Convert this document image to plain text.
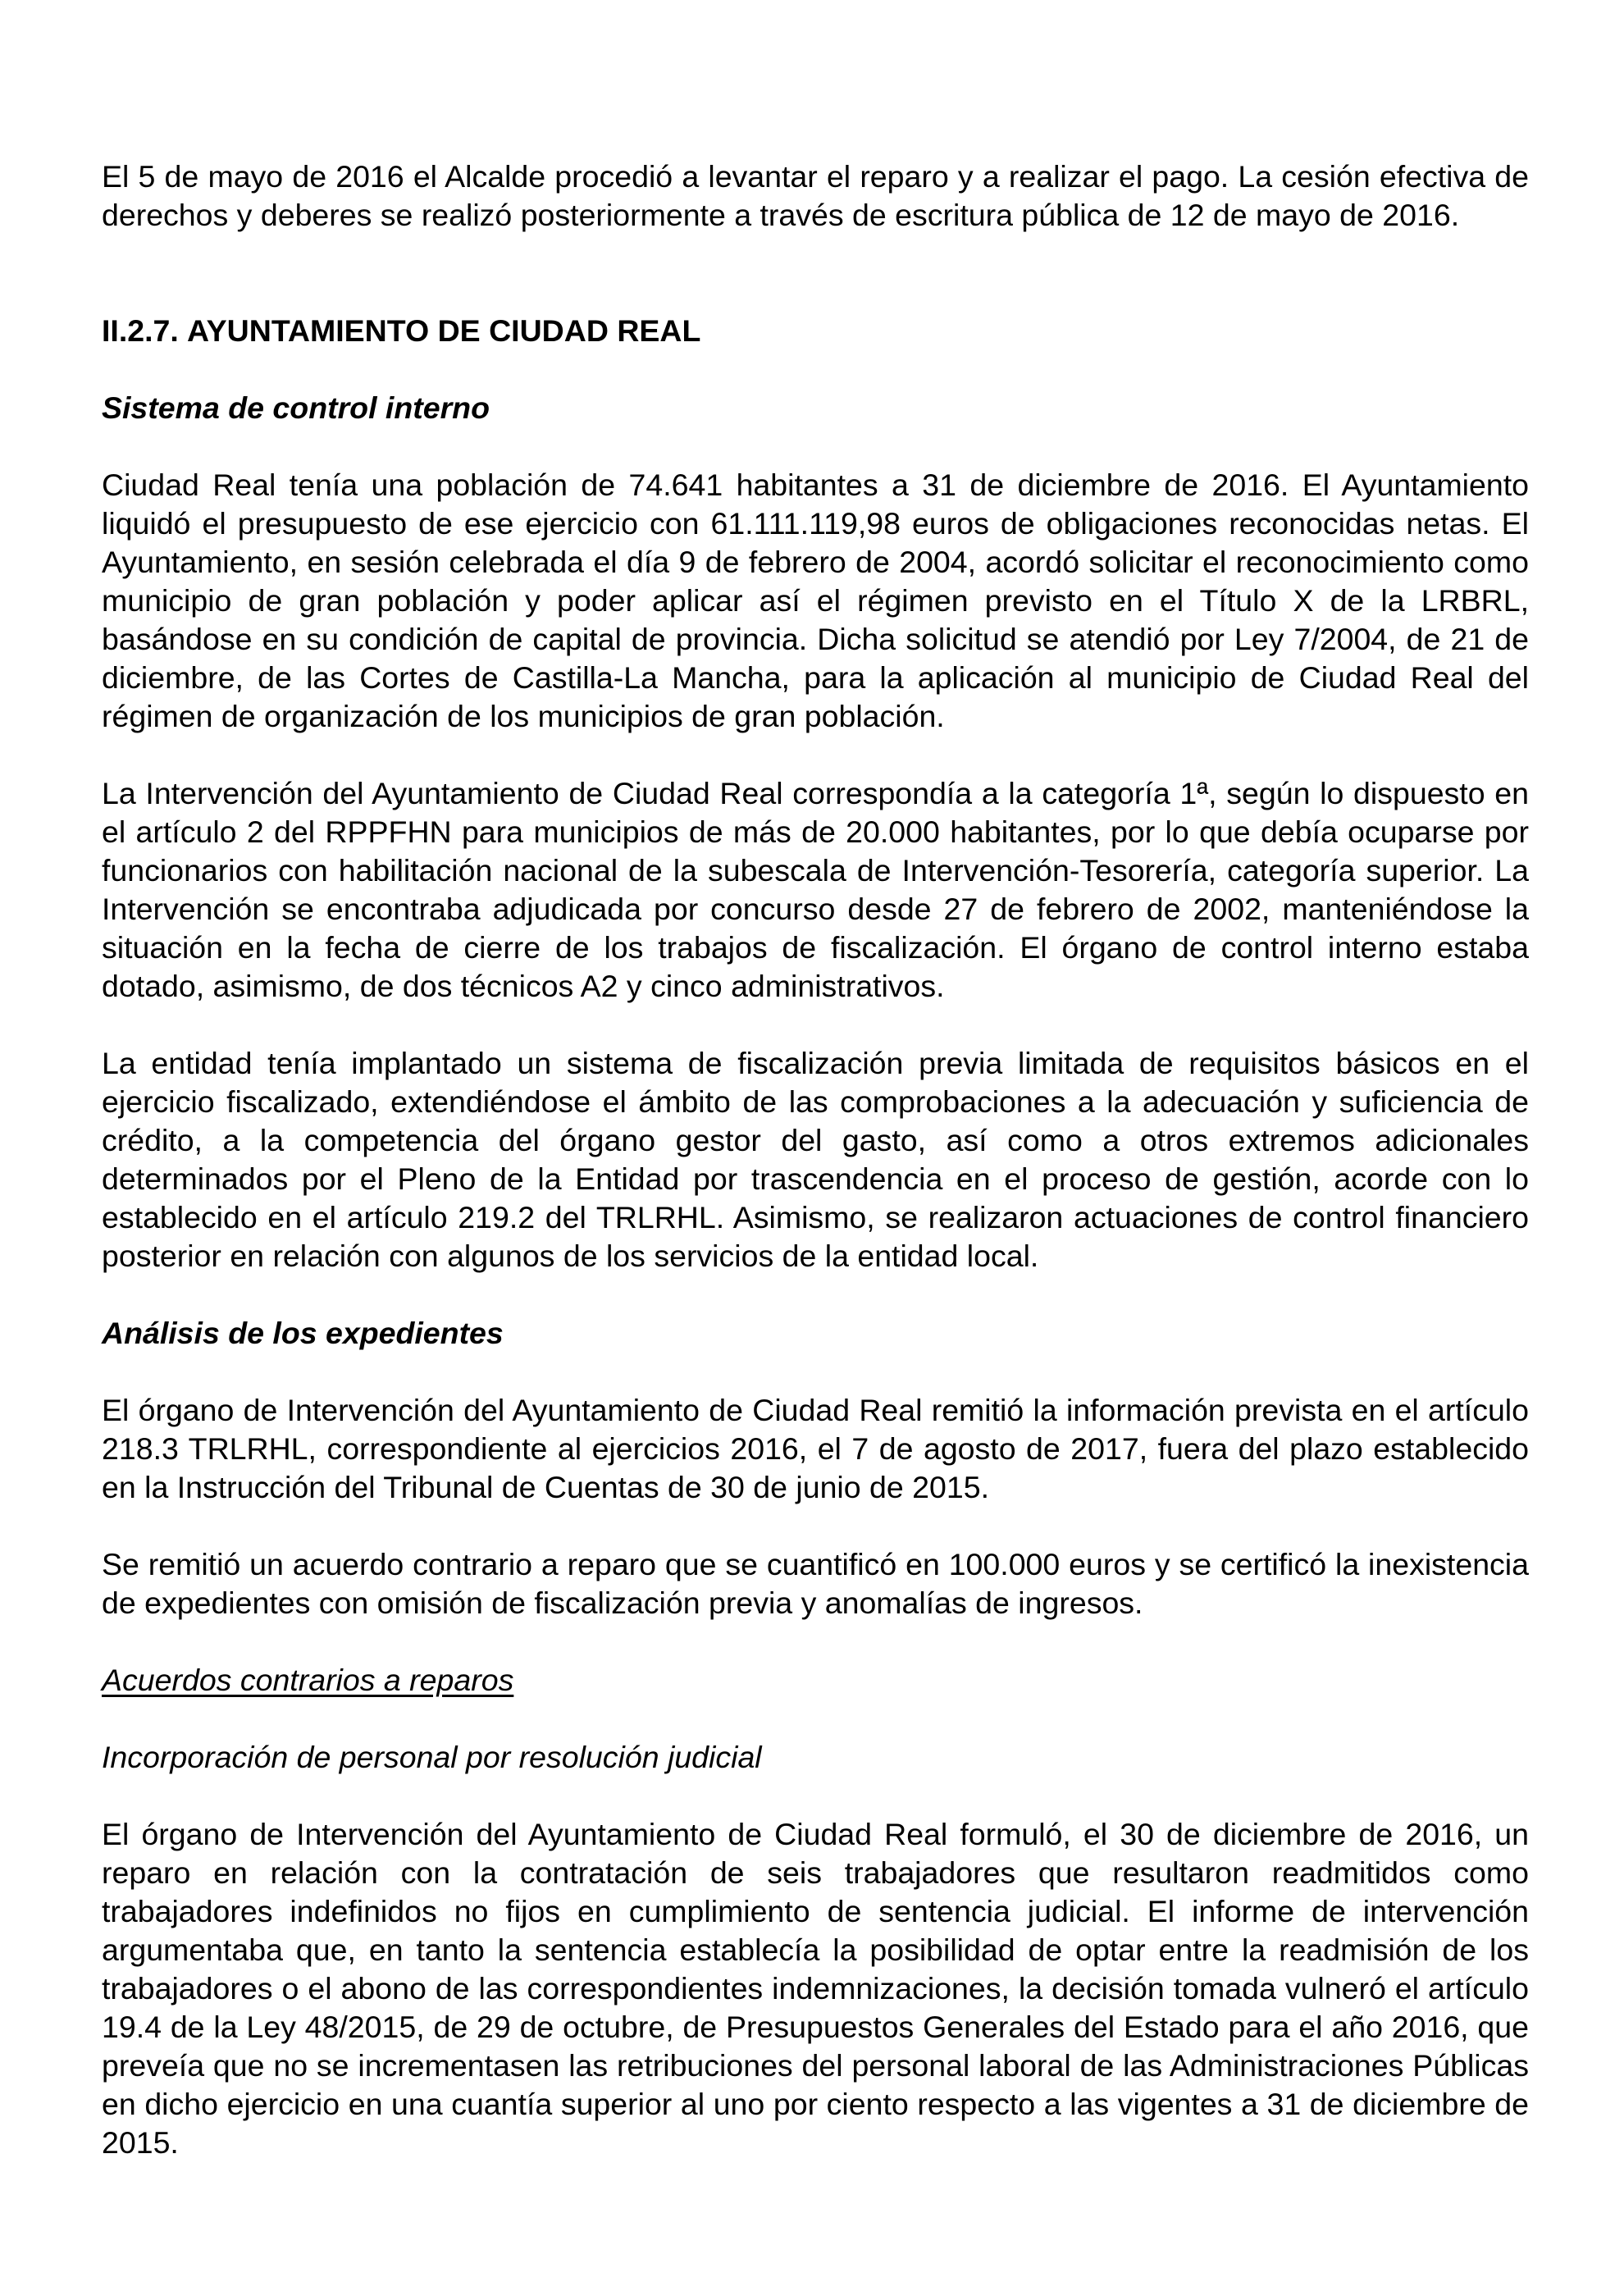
El 5 de mayo de 2016 el Alcalde procedió a levantar el reparo y a realizar el pago. La cesión efectiva de derechos y deberes se realizó posteriormente a través de escritura pública de 12 de mayo de 2016.

II.2.7. AYUNTAMIENTO DE CIUDAD REAL

Sistema de control interno

Ciudad Real tenía una población de 74.641 habitantes a 31 de diciembre de 2016. El Ayuntamiento liquidó el presupuesto de ese ejercicio con 61.111.119,98 euros de obligaciones reconocidas netas. El Ayuntamiento, en sesión celebrada el día 9 de febrero de 2004, acordó solicitar el reconocimiento como municipio de gran población y poder aplicar así el régimen previsto en el Título X de la LRBRL, basándose en su condición de capital de provincia. Dicha solicitud se atendió por Ley 7/2004, de 21 de diciembre, de las Cortes de Castilla-La Mancha, para la aplicación al municipio de Ciudad Real del régimen de organización de los municipios de gran población.

La Intervención del Ayuntamiento de Ciudad Real correspondía a la categoría 1ª, según lo dispuesto en el artículo 2 del RPPFHN para municipios de más de 20.000 habitantes, por lo que debía ocuparse por funcionarios con habilitación nacional de la subescala de Intervención-Tesorería, categoría superior. La Intervención se encontraba adjudicada por concurso desde 27 de febrero de 2002, manteniéndose la situación en la fecha de cierre de los trabajos de fiscalización. El órgano de control interno estaba dotado, asimismo, de dos técnicos A2 y cinco administrativos.

La entidad tenía implantado un sistema de fiscalización previa limitada de requisitos básicos en el ejercicio fiscalizado, extendiéndose el ámbito de las comprobaciones a la adecuación y suficiencia de crédito, a la competencia del órgano gestor del gasto, así como a otros extremos adicionales determinados por el Pleno de la Entidad por trascendencia en el proceso de gestión, acorde con lo establecido en el artículo 219.2 del TRLRHL. Asimismo, se realizaron actuaciones de control financiero posterior en relación con algunos de los servicios de la entidad local.

Análisis de los expedientes

El órgano de Intervención del Ayuntamiento de Ciudad Real remitió la información prevista en el artículo 218.3 TRLRHL, correspondiente al ejercicios 2016, el 7 de agosto de 2017, fuera del plazo establecido en la Instrucción del Tribunal de Cuentas de 30 de junio de 2015.

Se remitió un acuerdo contrario a reparo que se cuantificó en 100.000 euros y se certificó la inexistencia de expedientes con omisión de fiscalización previa y anomalías de ingresos.

Acuerdos contrarios a reparos

Incorporación de personal por resolución judicial

El órgano de Intervención del Ayuntamiento de Ciudad Real formuló, el 30 de diciembre de 2016, un reparo en relación con la contratación de seis trabajadores que resultaron readmitidos como trabajadores indefinidos no fijos en cumplimiento de sentencia judicial. El informe de intervención argumentaba que, en tanto la sentencia establecía la posibilidad de optar entre la readmisión de los trabajadores o el abono de las correspondientes indemnizaciones, la decisión tomada vulneró el artículo 19.4 de la Ley 48/2015, de 29 de octubre, de Presupuestos Generales del Estado para el año 2016, que preveía que no se incrementasen las retribuciones del personal laboral de las Administraciones Públicas en dicho ejercicio en una cuantía superior al uno por ciento respecto a las vigentes a 31 de diciembre de 2015.
